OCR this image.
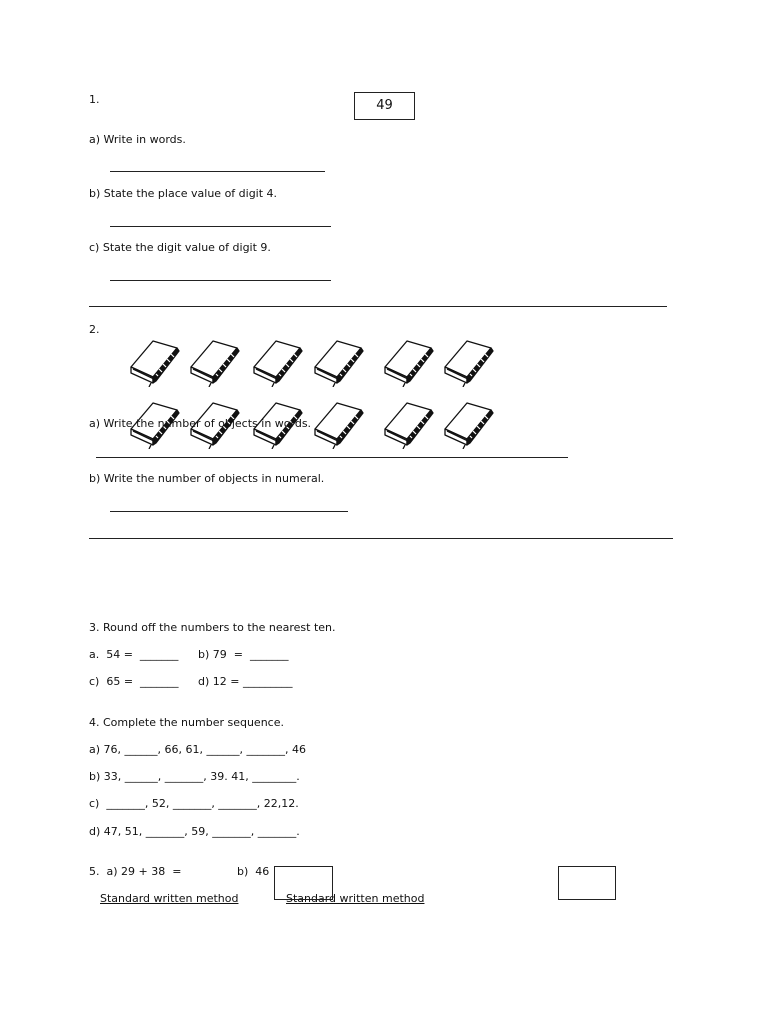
1.	49
a) Write in words.
b) State the place value of digit 4.
c) State the digit value of digit 9.
2.
a) Write the number of objects in words.
b) Write the number of objects in numeral.
3. Round off the numbers to the nearest ten.
a.  54 =  _______ b) 79  =  _______
c)  65 =  _______ d) 12 = _________
4. Complete the number sequence.
a) 76, ______, 66, 61, ______, _______, 46
b) 33, ______, _______, 39. 41, ________.
c)  _______, 52, _______, _______, 22,12.
d) 47, 51, _______, 59, _______, _______.
5.  a) 29 + 38  =	b)  46
Standard written method	Standard written method
